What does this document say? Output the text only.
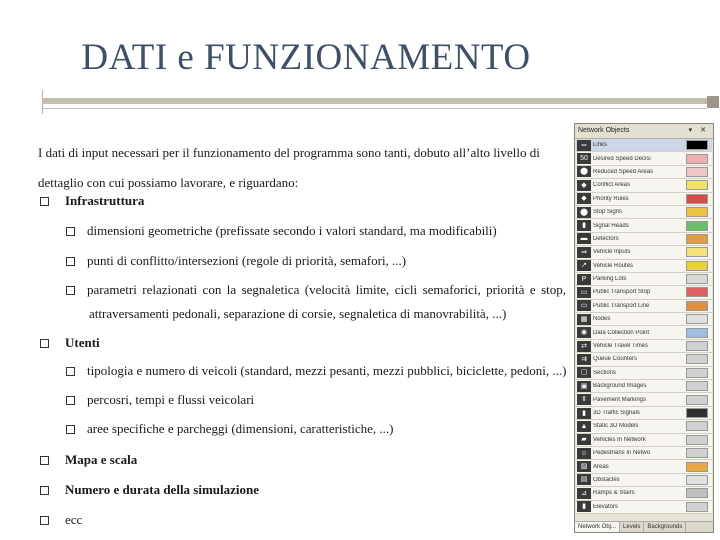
DATI e FUNZIONAMENTO
I dati di input necessari per il funzionamento del programma sono tanti, dobuto all’alto livello di dettaglio con cui possiamo lavorare, e riguardano:
Infrastruttura
dimensioni geometriche (prefissate secondo i valori standard, ma modificabili)
punti di conflitto/intersezioni (regole di priorità, semafori, ...)
parametri relazionati con la segnaletica (velocità limite, cicli semaforici, priorità e stop,
attraversamenti pedonali, separazione di corsie, segnaletica di manovrabilità, ...)
Utenti
tipologia e numero di veicoli (standard, mezzi pesanti, mezzi pubblici, biciclette, pedoni, ...)
percosri, tempi e flussi veicolari
aree specifiche e parcheggi (dimensioni, caratteristiche, ...)
Mapa e scala
Numero e durata della simulazione
ecc
Network Objects	▾ ✕
═	Links
50 Desired Speed Decisi
⬤ Reduced Speed Areas
◆	Conflict Areas
◆	Priority Rules
⬤ Stop Signs
▮	Signal Heads
▬ Detectors
⇒	Vehicle Inputs
↗	Vehicle Routes
P	Parking Lots
▭ Public Transport Stop
▭ Public Transport Line
▦ Nodes
◉ Data Collection Point
⇄	Vehicle Travel Times
⇉	Queue Counters
▢ Sections
▣ Background Images
⇕	Pavement Markings
▮	3D Traffic Signals
▲ Static 3D Models
▰	Vehicles In Network
☺ Pedestrians In Netwo
▨ Areas
▤ Obstacles
⊿	Ramps & Stairs
▮	Elevators
Network Obj...	Levels	Backgrounds
